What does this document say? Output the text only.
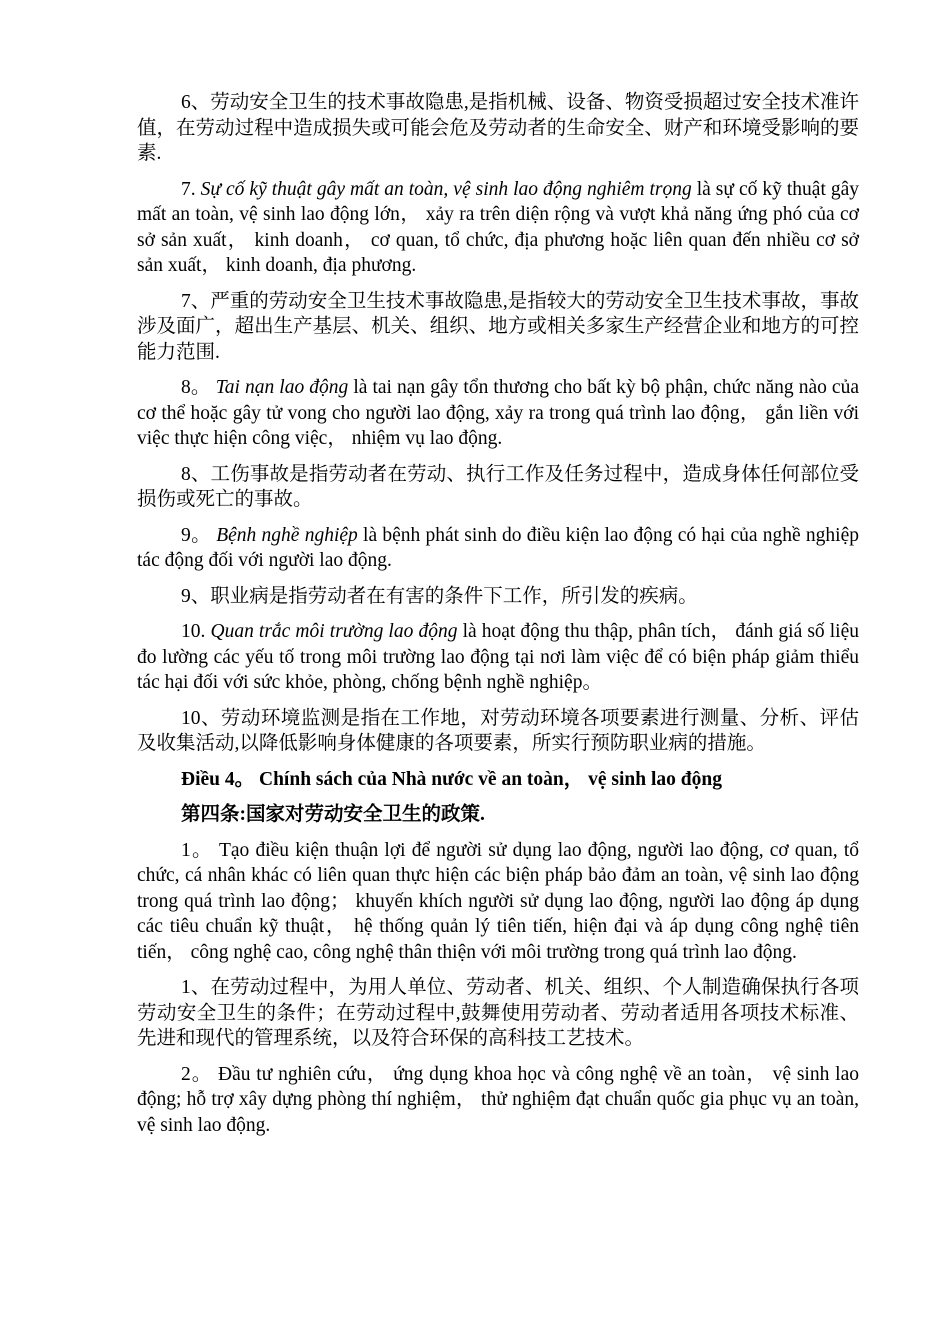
6、劳动安全卫生的技术事故隐患,是指机械、设备、物资受损超过安全技术准许值，在劳动过程中造成损失或可能会危及劳动者的生命安全、财产和环境受影响的要素.

7. Sự cố kỹ thuật gây mất an toàn, vệ sinh lao động nghiêm trọng là sự cố kỹ thuật gây mất an toàn, vệ sinh lao động lớn， xảy ra trên diện rộng và vượt khả năng ứng phó của cơ sở sản xuất， kinh doanh， cơ quan, tổ chức, địa phương hoặc liên quan đến nhiều cơ sở sản xuất， kinh doanh, địa phương.

7、严重的劳动安全卫生技术事故隐患,是指较大的劳动安全卫生技术事故，事故涉及面广，超出生产基层、机关、组织、地方或相关多家生产经营企业和地方的可控能力范围.

8。 Tai nạn lao động là tai nạn gây tổn thương cho bất kỳ bộ phận, chức năng nào của cơ thể hoặc gây tử vong cho người lao động, xảy ra trong quá trình lao động， gắn liền với việc thực hiện công việc， nhiệm vụ lao động.

8、工伤事故是指劳动者在劳动、执行工作及任务过程中，造成身体任何部位受损伤或死亡的事故。

9。 Bệnh nghề nghiệp là bệnh phát sinh do điều kiện lao động có hại của nghề nghiệp tác động đối với người lao động.

9、职业病是指劳动者在有害的条件下工作，所引发的疾病。

10. Quan trắc môi trường lao động là hoạt động thu thập, phân tích， đánh giá số liệu đo lường các yếu tố trong môi trường lao động tại nơi làm việc để có biện pháp giảm thiểu tác hại đối với sức khỏe, phòng, chống bệnh nghề nghiệp。

10、劳动环境监测是指在工作地，对劳动环境各项要素进行测量、分析、评估及收集活动,以降低影响身体健康的各项要素，所实行预防职业病的措施。

Điều 4。 Chính sách của Nhà nước về an toàn， vệ sinh lao động

第四条:国家对劳动安全卫生的政策.

1。 Tạo điều kiện thuận lợi để người sử dụng lao động, người lao động, cơ quan, tổ chức, cá nhân khác có liên quan thực hiện các biện pháp bảo đảm an toàn, vệ sinh lao động trong quá trình lao động； khuyến khích người sử dụng lao động, người lao động áp dụng các tiêu chuẩn kỹ thuật， hệ thống quản lý tiên tiến, hiện đại và áp dụng công nghệ tiên tiến， công nghệ cao, công nghệ thân thiện với môi trường trong quá trình lao động.

1、在劳动过程中，为用人单位、劳动者、机关、组织、个人制造确保执行各项劳动安全卫生的条件；在劳动过程中,鼓舞使用劳动者、劳动者适用各项技术标准、先进和现代的管理系统，以及符合环保的高科技工艺技术。

2。 Đầu tư nghiên cứu， ứng dụng khoa học và công nghệ về an toàn， vệ sinh lao động; hỗ trợ xây dựng phòng thí nghiệm， thử nghiệm đạt chuẩn quốc gia phục vụ an toàn, vệ sinh lao động.
